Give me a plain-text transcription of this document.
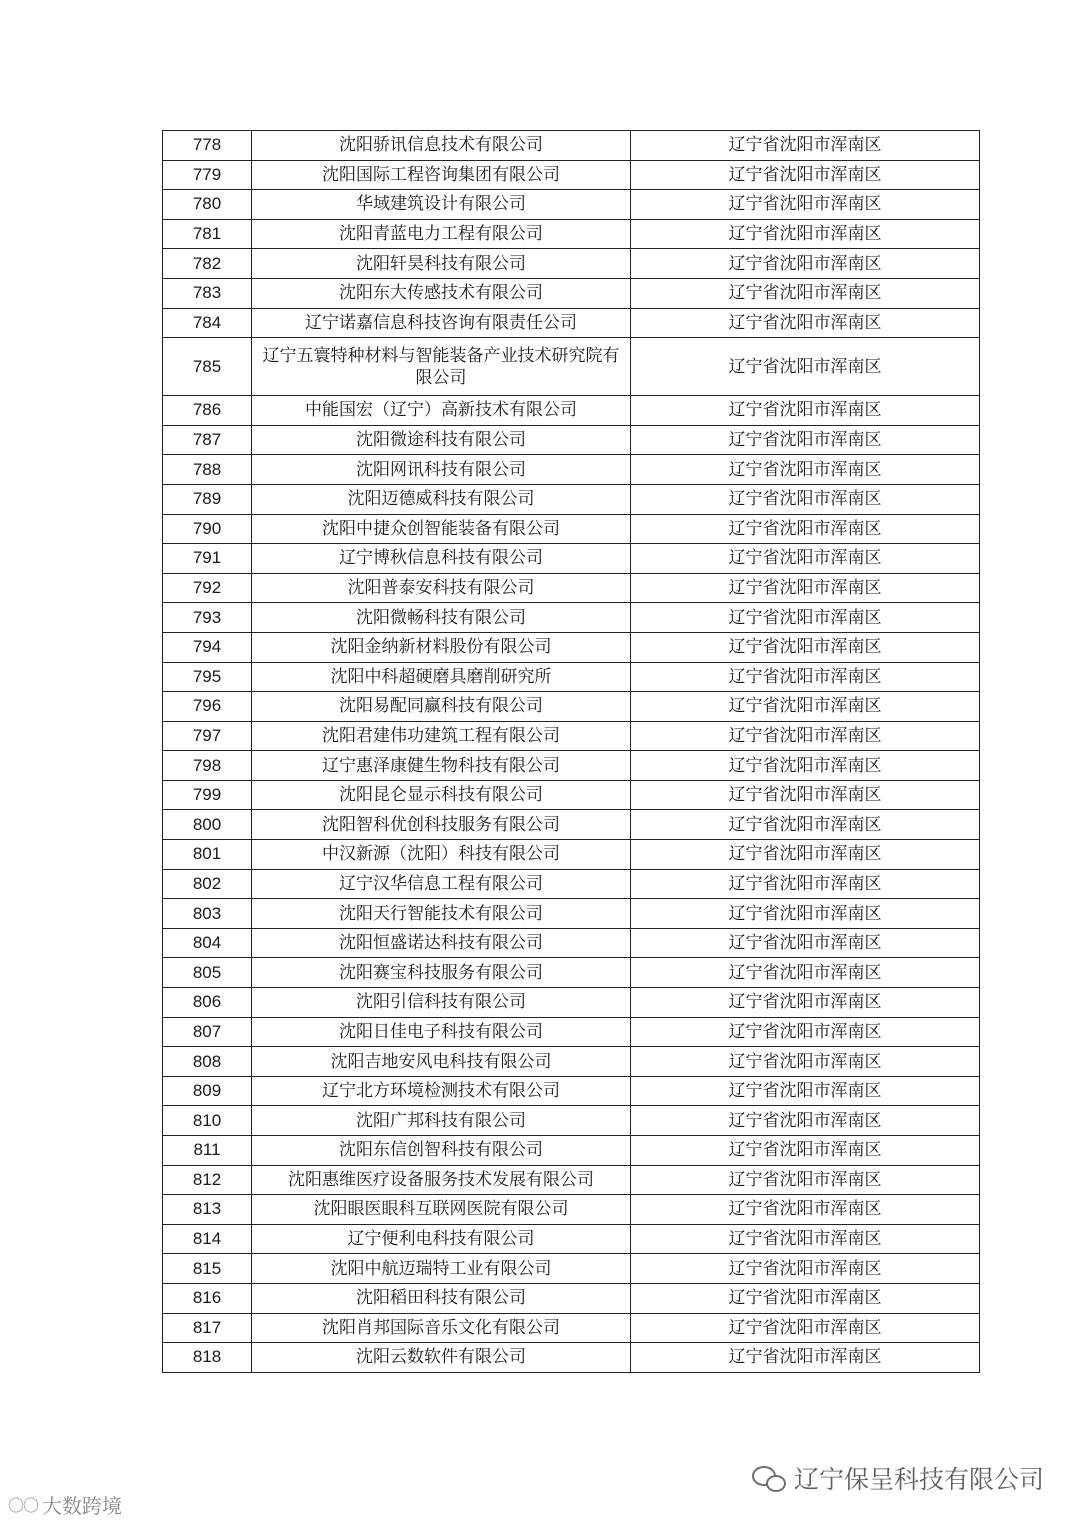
778	沈阳骄讯信息技术有限公司	辽宁省沈阳市浑南区
779	沈阳国际工程咨询集团有限公司	辽宁省沈阳市浑南区
780	华域建筑设计有限公司	辽宁省沈阳市浑南区
781	沈阳青蓝电力工程有限公司	辽宁省沈阳市浑南区
782	沈阳轩昊科技有限公司	辽宁省沈阳市浑南区
783	沈阳东大传感技术有限公司	辽宁省沈阳市浑南区
784	辽宁诺嘉信息科技咨询有限责任公司	辽宁省沈阳市浑南区
785	辽宁五寰特种材料与智能装备产业技术研究院有限公司	辽宁省沈阳市浑南区
786	中能国宏（辽宁）高新技术有限公司	辽宁省沈阳市浑南区
787	沈阳微途科技有限公司	辽宁省沈阳市浑南区
788	沈阳网讯科技有限公司	辽宁省沈阳市浑南区
789	沈阳迈德威科技有限公司	辽宁省沈阳市浑南区
790	沈阳中捷众创智能装备有限公司	辽宁省沈阳市浑南区
791	辽宁博秋信息科技有限公司	辽宁省沈阳市浑南区
792	沈阳普泰安科技有限公司	辽宁省沈阳市浑南区
793	沈阳微畅科技有限公司	辽宁省沈阳市浑南区
794	沈阳金纳新材料股份有限公司	辽宁省沈阳市浑南区
795	沈阳中科超硬磨具磨削研究所	辽宁省沈阳市浑南区
796	沈阳易配同赢科技有限公司	辽宁省沈阳市浑南区
797	沈阳君建伟功建筑工程有限公司	辽宁省沈阳市浑南区
798	辽宁惠泽康健生物科技有限公司	辽宁省沈阳市浑南区
799	沈阳昆仑显示科技有限公司	辽宁省沈阳市浑南区
800	沈阳智科优创科技服务有限公司	辽宁省沈阳市浑南区
801	中汉新源（沈阳）科技有限公司	辽宁省沈阳市浑南区
802	辽宁汉华信息工程有限公司	辽宁省沈阳市浑南区
803	沈阳天行智能技术有限公司	辽宁省沈阳市浑南区
804	沈阳恒盛诺达科技有限公司	辽宁省沈阳市浑南区
805	沈阳赛宝科技服务有限公司	辽宁省沈阳市浑南区
806	沈阳引信科技有限公司	辽宁省沈阳市浑南区
807	沈阳日佳电子科技有限公司	辽宁省沈阳市浑南区
808	沈阳吉地安风电科技有限公司	辽宁省沈阳市浑南区
809	辽宁北方环境检测技术有限公司	辽宁省沈阳市浑南区
810	沈阳广邦科技有限公司	辽宁省沈阳市浑南区
811	沈阳东信创智科技有限公司	辽宁省沈阳市浑南区
812	沈阳惠维医疗设备服务技术发展有限公司	辽宁省沈阳市浑南区
813	沈阳眼医眼科互联网医院有限公司	辽宁省沈阳市浑南区
814	辽宁便利电科技有限公司	辽宁省沈阳市浑南区
815	沈阳中航迈瑞特工业有限公司	辽宁省沈阳市浑南区
816	沈阳稻田科技有限公司	辽宁省沈阳市浑南区
817	沈阳肖邦国际音乐文化有限公司	辽宁省沈阳市浑南区
818	沈阳云数软件有限公司	辽宁省沈阳市浑南区
辽宁保呈科技有限公司
〇〇 大数跨境
